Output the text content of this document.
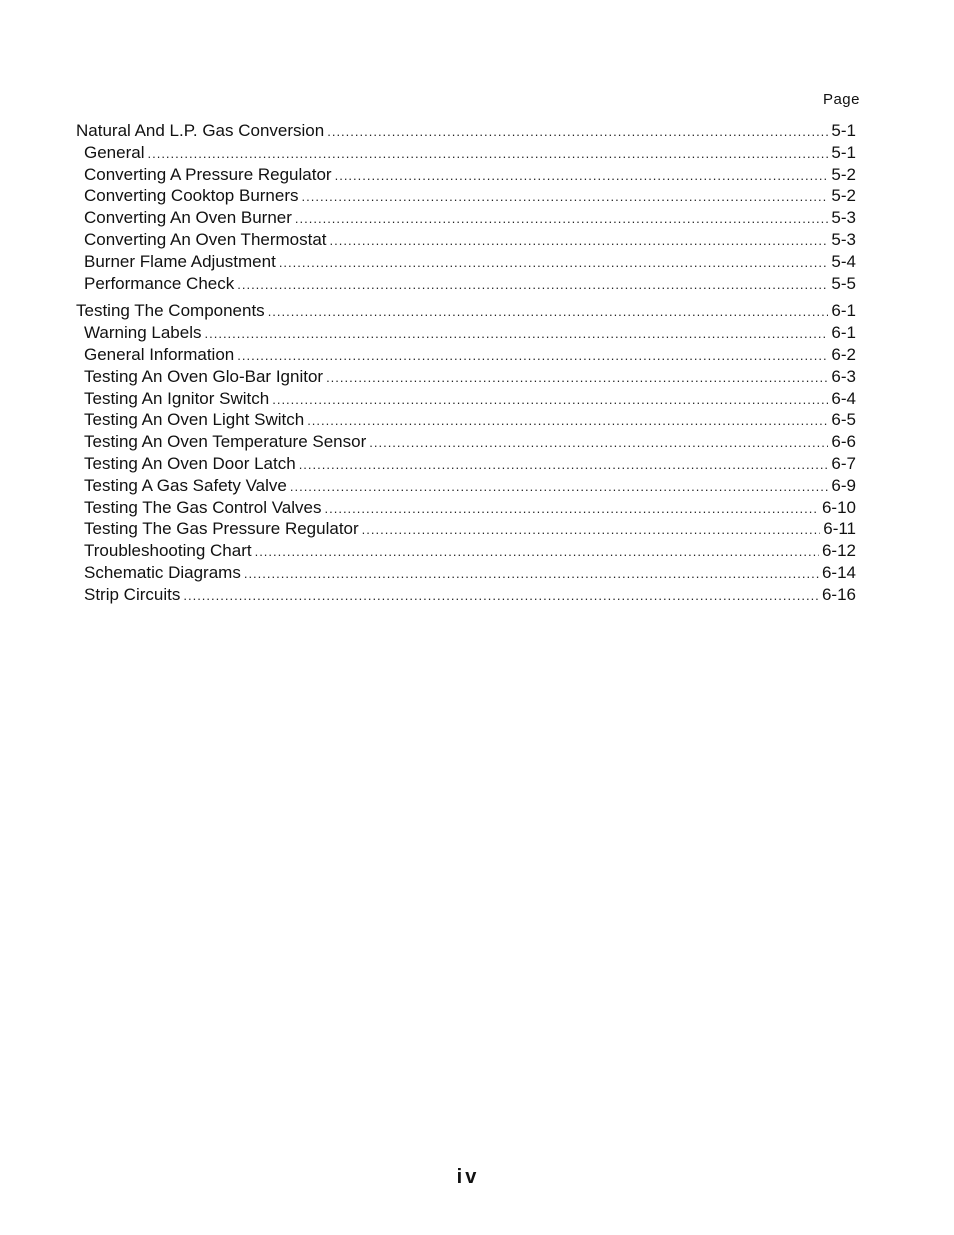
Page
Natural And L.P. Gas Conversion .....	5-1
General .....	5-1
Converting A Pressure Regulator .....	5-2
Converting Cooktop Burners .....	5-2
Converting An Oven Burner .....	5-3
Converting An Oven Thermostat .....	5-3
Burner Flame Adjustment .....	5-4
Performance Check .....	5-5
Testing The Components .....	6-1
Warning Labels .....	6-1
General Information .....	6-2
Testing An Oven Glo-Bar Ignitor .....	6-3
Testing An Ignitor Switch .....	6-4
Testing An Oven Light Switch .....	6-5
Testing An Oven Temperature Sensor .....	6-6
Testing An Oven Door Latch .....	6-7
Testing A Gas Safety Valve .....	6-9
Testing The Gas Control Valves .....	6-10
Testing The Gas Pressure Regulator .....	6-11
Troubleshooting Chart .....	6-12
Schematic Diagrams .....	6-14
Strip Circuits .....	6-16
iv
